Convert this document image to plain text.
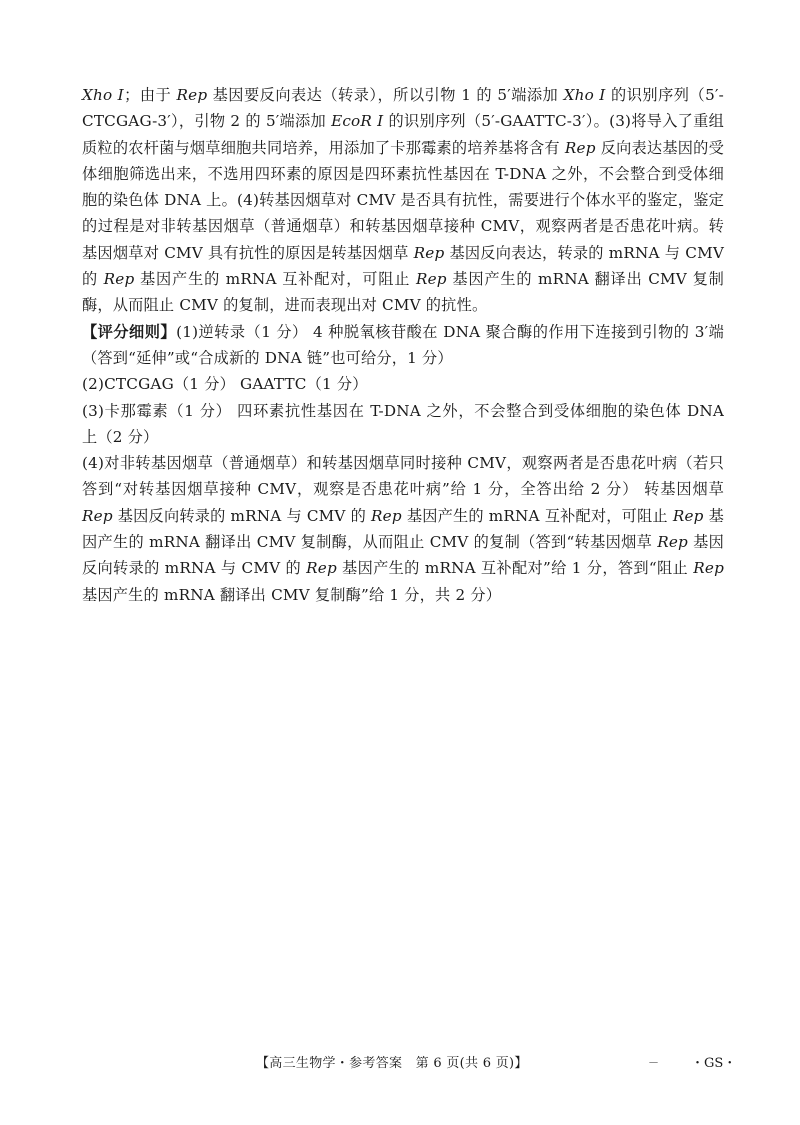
Xho Ⅰ；由于 Rep 基因要反向表达（转录），所以引物 1 的 5′端添加 Xho Ⅰ 的识别序列（5′-CTCGAG-3′），引物 2 的 5′端添加 EcoR Ⅰ 的识别序列（5′-GAATTC-3′）。(3)将导入了重组质粒的农杆菌与烟草细胞共同培养，用添加了卡那霉素的培养基将含有 Rep 反向表达基因的受体细胞筛选出来，不选用四环素的原因是四环素抗性基因在 T-DNA 之外，不会整合到受体细胞的染色体 DNA 上。(4)转基因烟草对 CMV 是否具有抗性，需要进行个体水平的鉴定，鉴定的过程是对非转基因烟草（普通烟草）和转基因烟草接种 CMV，观察两者是否患花叶病。转基因烟草对 CMV 具有抗性的原因是转基因烟草 Rep 基因反向表达，转录的 mRNA 与 CMV 的 Rep 基因产生的 mRNA 互补配对，可阻止 Rep 基因产生的 mRNA 翻译出 CMV 复制酶，从而阻止 CMV 的复制，进而表现出对 CMV 的抗性。

【评分细则】(1)逆转录（1 分） 4 种脱氧核苷酸在 DNA 聚合酶的作用下连接到引物的 3′端（答到“延伸”或“合成新的 DNA 链”也可给分，1 分）

(2)CTCGAG（1 分） GAATTC（1 分）

(3)卡那霉素（1 分） 四环素抗性基因在 T-DNA 之外，不会整合到受体细胞的染色体 DNA 上（2 分）

(4)对非转基因烟草（普通烟草）和转基因烟草同时接种 CMV，观察两者是否患花叶病（若只答到“对转基因烟草接种 CMV，观察是否患花叶病”给 1 分，全答出给 2 分） 转基因烟草 Rep 基因反向转录的 mRNA 与 CMV 的 Rep 基因产生的 mRNA 互补配对，可阻止 Rep 基因产生的 mRNA 翻译出 CMV 复制酶，从而阻止 CMV 的复制（答到“转基因烟草 Rep 基因反向转录的 mRNA 与 CMV 的 Rep 基因产生的 mRNA 互补配对”给 1 分，答到“阻止 Rep 基因产生的 mRNA 翻译出 CMV 复制酶”给 1 分，共 2 分）

【高三生物学・参考答案　第 6 页(共 6 页)】	－ ・GS・
